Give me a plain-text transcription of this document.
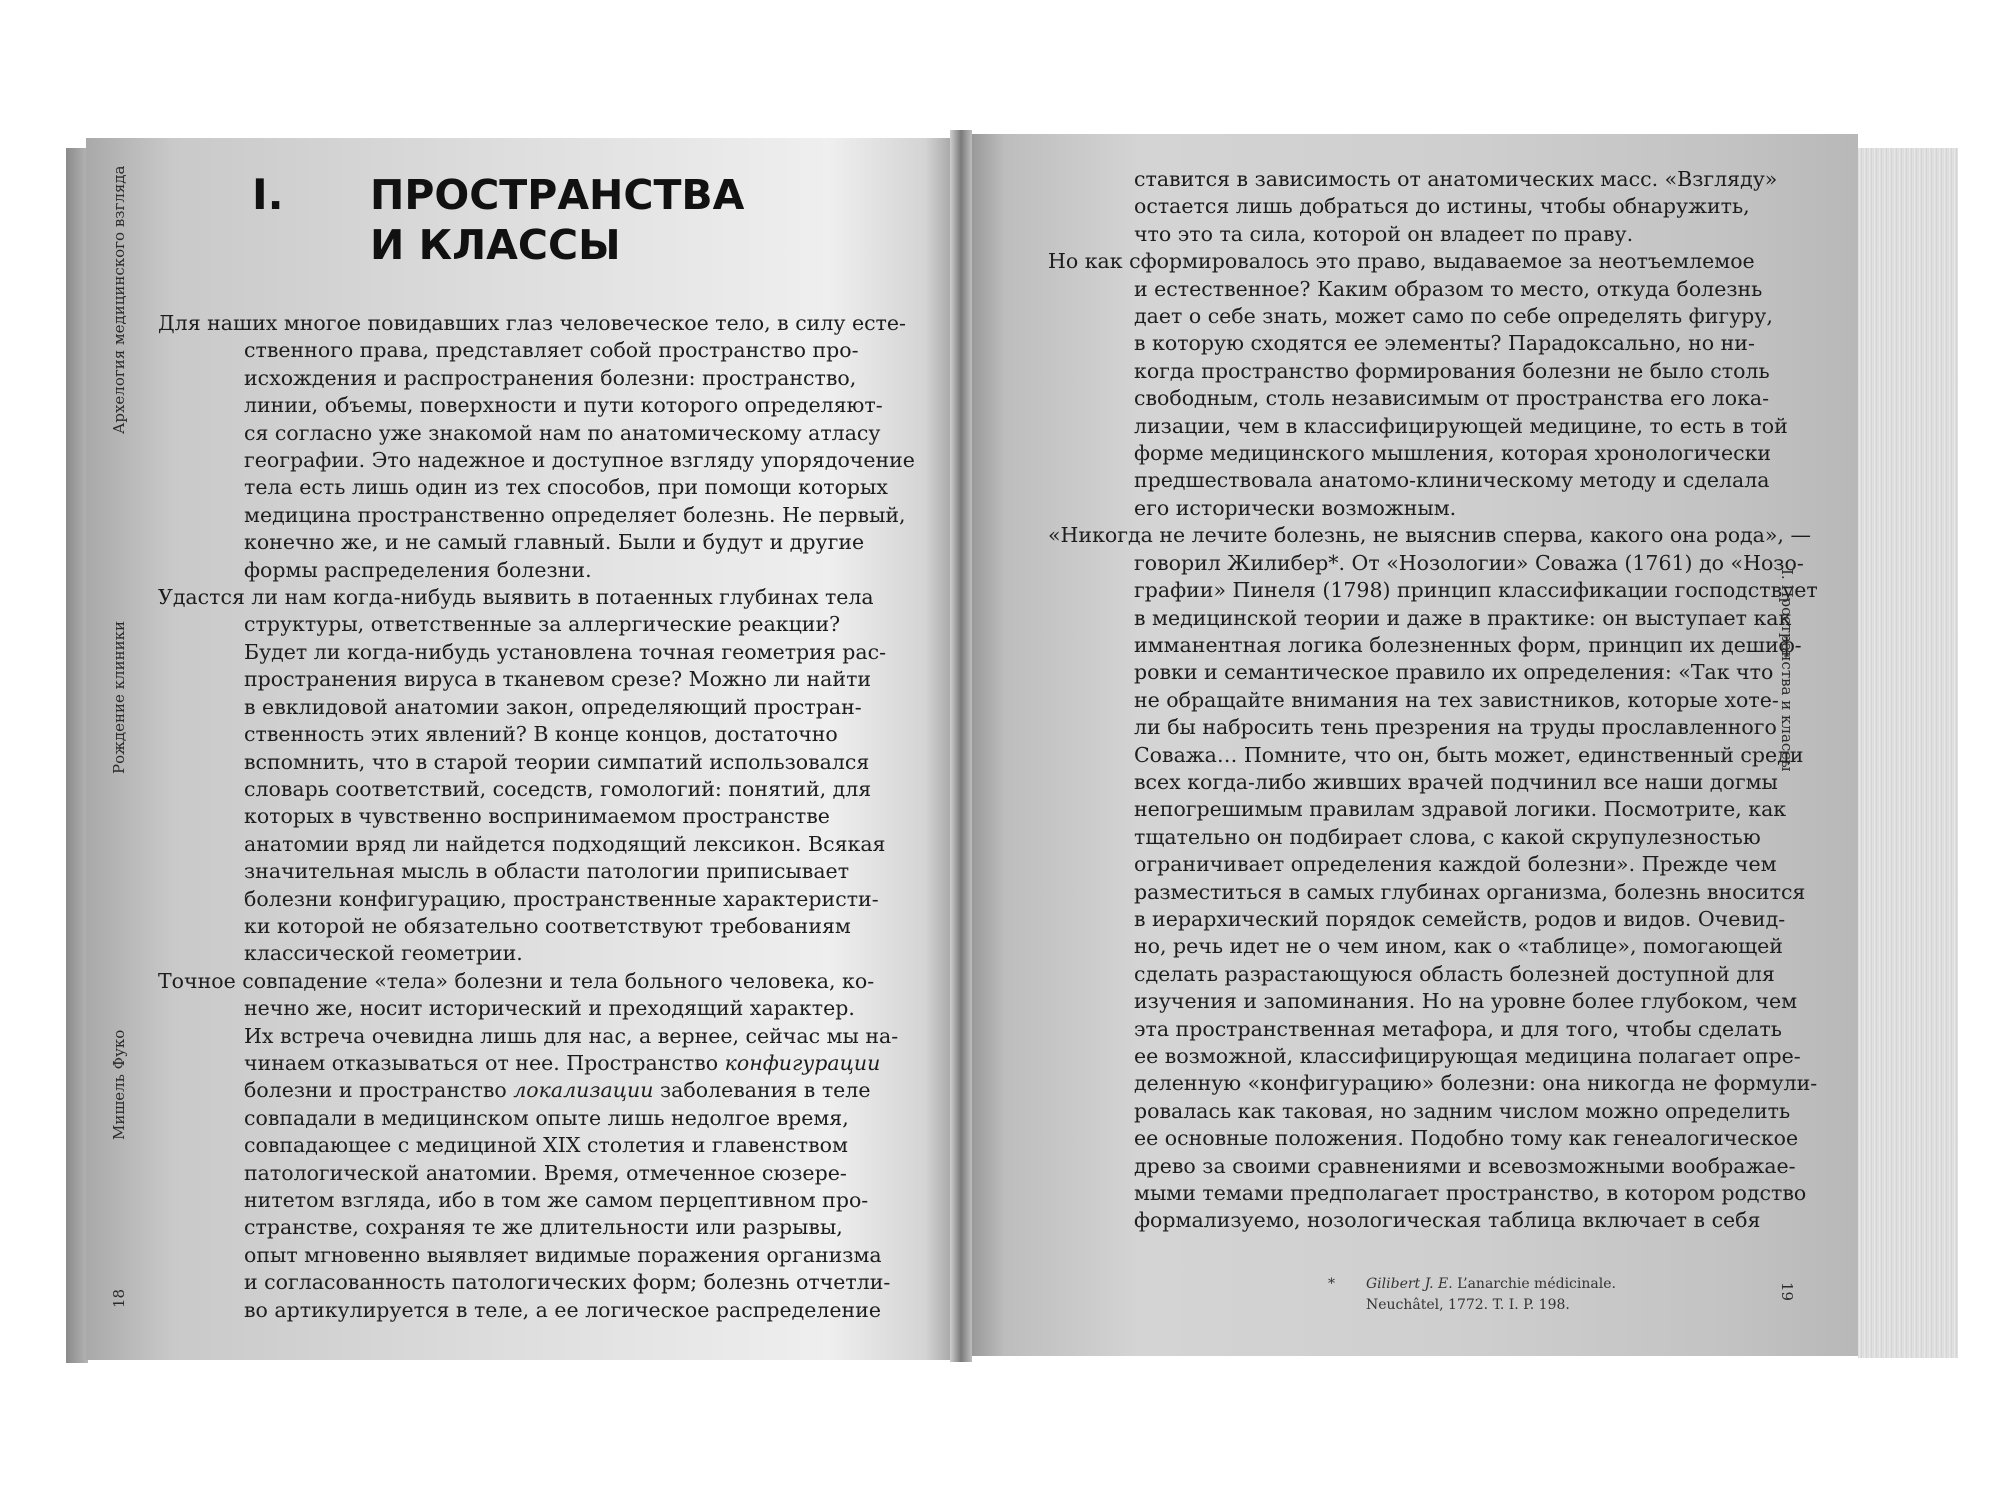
Архелогия медицинского взгляда
Рождение клиники
Мишель Фуко
18
I. ПРОСТРАНСТВА
И КЛАССЫ
Для наших многое повидавших глаз человеческое тело, в силу есте-
ственного права, представляет собой пространство про-
исхождения и распространения болезни: пространство,
линии, объемы, поверхности и пути которого определяют-
ся согласно уже знакомой нам по анатомическому атласу
географии. Это надежное и доступное взгляду упорядочение
тела есть лишь один из тех способов, при помощи которых
медицина пространственно определяет болезнь. Не первый,
конечно же, и не самый главный. Были и будут и другие
формы распределения болезни.
Удастся ли нам когда-нибудь выявить в потаенных глубинах тела
структуры, ответственные за аллергические реакции?
Будет ли когда-нибудь установлена точная геометрия рас-
пространения вируса в тканевом срезе? Можно ли найти
в евклидовой анатомии закон, определяющий простран-
ственность этих явлений? В конце концов, достаточно
вспомнить, что в старой теории симпатий использовался
словарь соответствий, соседств, гомологий: понятий, для
которых в чувственно воспринимаемом пространстве
анатомии вряд ли найдется подходящий лексикон. Всякая
значительная мысль в области патологии приписывает
болезни конфигурацию, пространственные характеристи-
ки которой не обязательно соответствуют требованиям
классической геометрии.
Точное совпадение «тела» болезни и тела больного человека, ко-
нечно же, носит исторический и преходящий характер.
Их встреча очевидна лишь для нас, а вернее, сейчас мы на-
чинаем отказываться от нее. Пространство конфигурации
болезни и пространство локализации заболевания в теле
совпадали в медицинском опыте лишь недолгое время,
совпадающее с медициной XIX столетия и главенством
патологической анатомии. Время, отмеченное сюзере-
нитетом взгляда, ибо в том же самом перцептивном про-
странстве, сохраняя те же длительности или разрывы,
опыт мгновенно выявляет видимые поражения организма
и согласованность патологических форм; болезнь отчетли-
во артикулируется в теле, а ее логическое распределение
ставится в зависимость от анатомических масс. «Взгляду»
остается лишь добраться до истины, чтобы обнаружить,
что это та сила, которой он владеет по праву.
Но как сформировалось это право, выдаваемое за неотъемлемое
и естественное? Каким образом то место, откуда болезнь
дает о себе знать, может само по себе определять фигуру,
в которую сходятся ее элементы? Парадоксально, но ни-
когда пространство формирования болезни не было столь
свободным, столь независимым от пространства его лока-
лизации, чем в классифицирующей медицине, то есть в той
форме медицинского мышления, которая хронологически
предшествовала анатомо-клиническому методу и сделала
его исторически возможным.
«Никогда не лечите болезнь, не выяснив сперва, какого она рода», —
говорил Жилибер*. От «Нозологии» Соважа (1761) до «Нозо-
графии» Пинеля (1798) принцип классификации господствует
в медицинской теории и даже в практике: он выступает как
имманентная логика болезненных форм, принцип их дешиф-
ровки и семантическое правило их определения: «Так что
не обращайте внимания на тех завистников, которые хоте-
ли бы набросить тень презрения на труды прославленного
Соважа… Помните, что он, быть может, единственный среди
всех когда-либо живших врачей подчинил все наши догмы
непогрешимым правилам здравой логики. Посмотрите, как
тщательно он подбирает слова, с какой скрупулезностью
ограничивает определения каждой болезни». Прежде чем
разместиться в самых глубинах организма, болезнь вносится
в иерархический порядок семейств, родов и видов. Очевид-
но, речь идет не о чем ином, как о «таблице», помогающей
сделать разрастающуюся область болезней доступной для
изучения и запоминания. Но на уровне более глубоком, чем
эта пространственная метафора, и для того, чтобы сделать
ее возможной, классифицирующая медицина полагает опре-
деленную «конфигурацию» болезни: она никогда не формули-
ровалась как таковая, но задним числом можно определить
ее основные положения. Подобно тому как генеалогическое
древо за своими сравнениями и всевозможными воображае-
мыми темами предполагает пространство, в котором родство
формализуемо, нозологическая таблица включает в себя
* Gilibert J. E. L’anarchie médicinale.
Neuchâtel, 1772. T. I. P. 198.
I. Пространства и классы
19
